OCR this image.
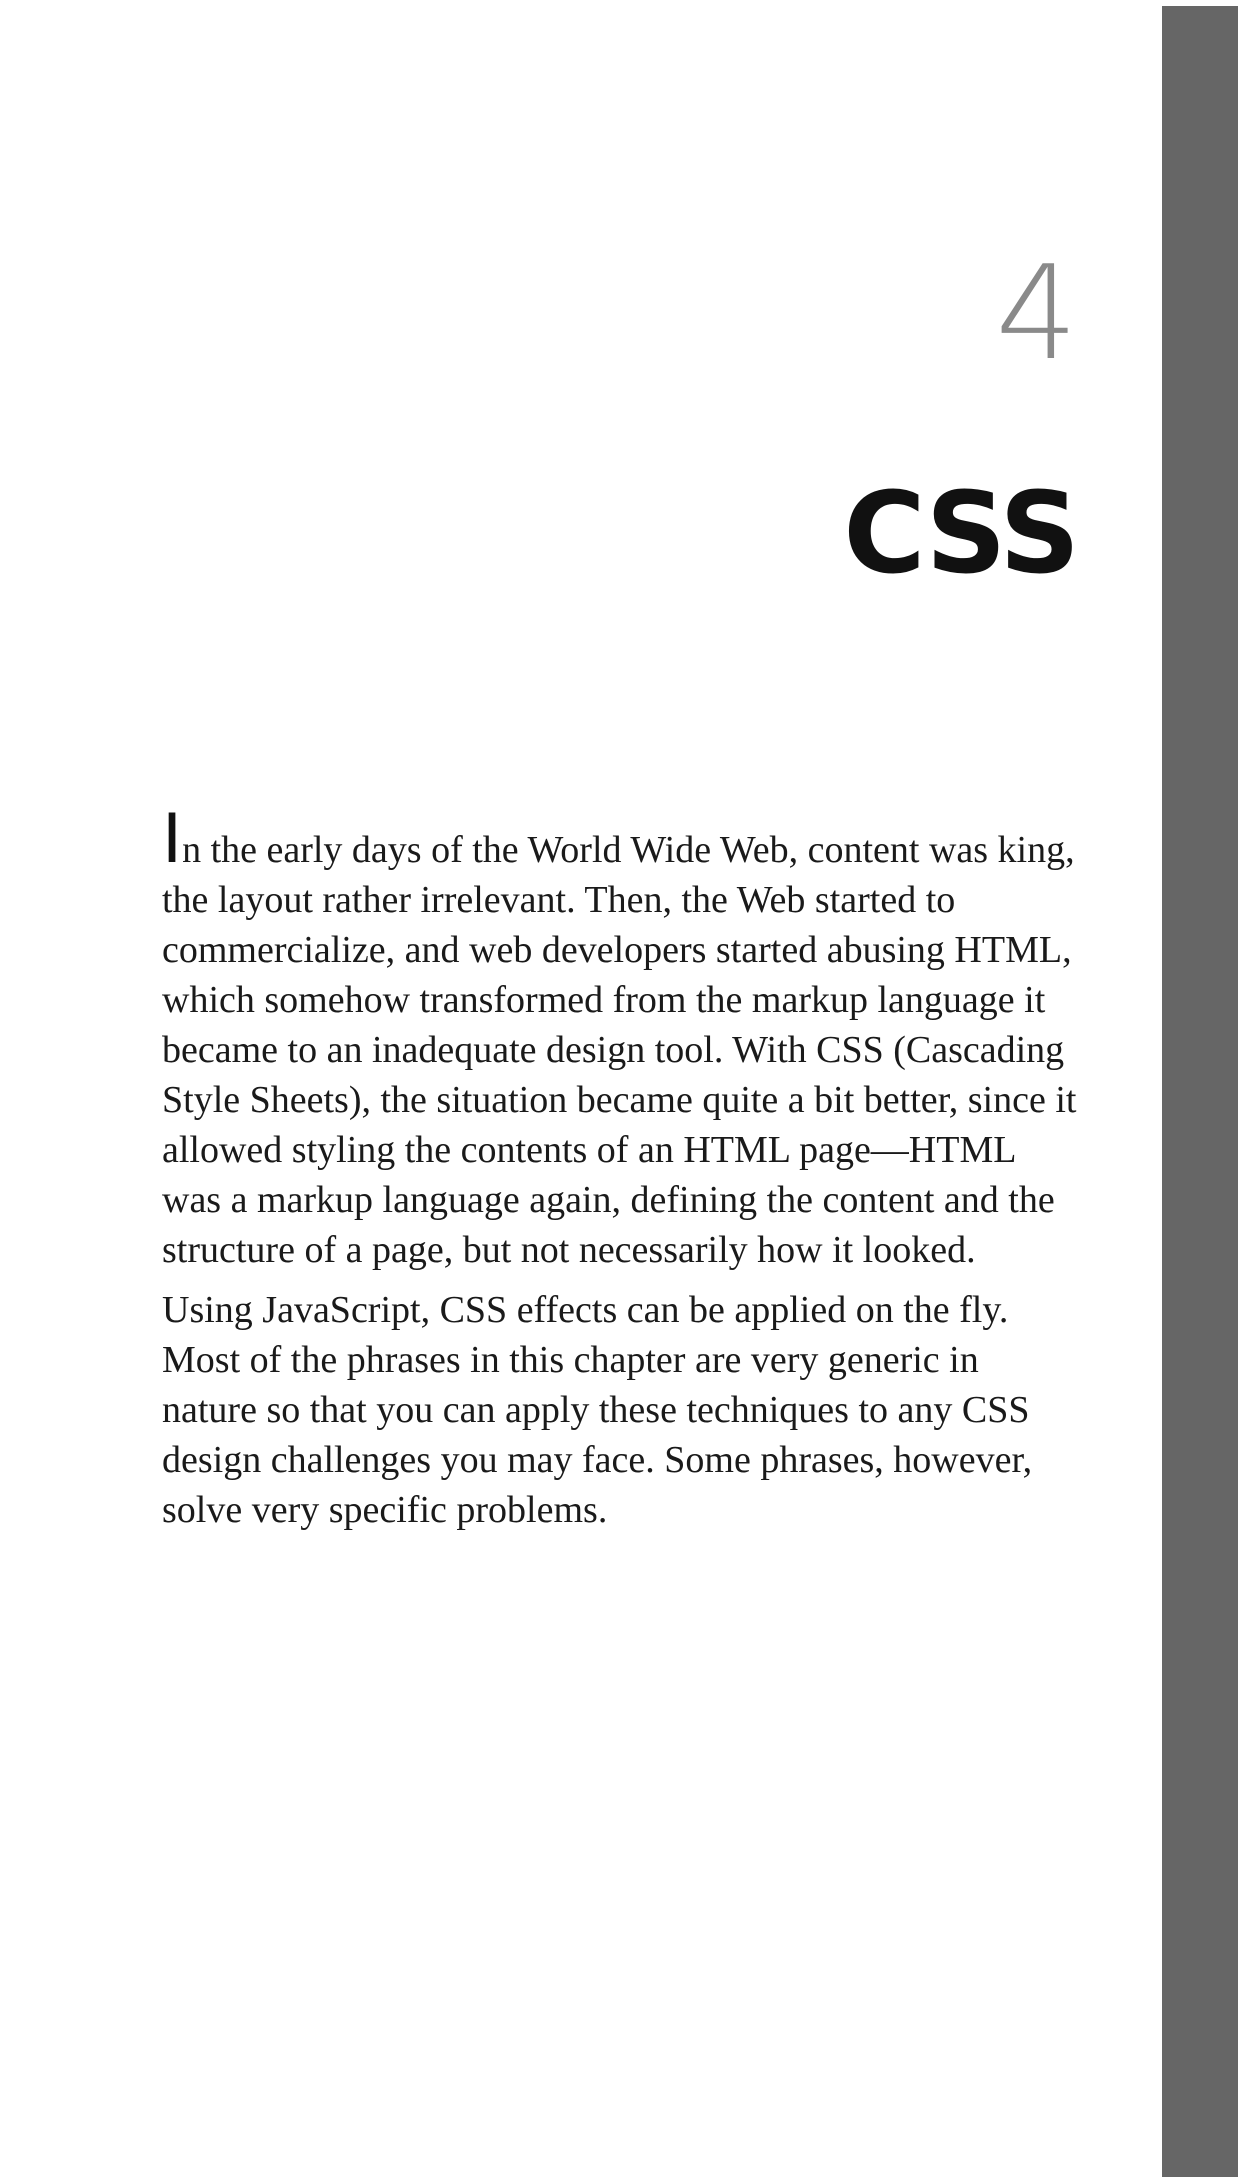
4
CSS

In the early days of the World Wide Web, content was king, the layout rather irrelevant. Then, the Web started to commercialize, and web developers started abusing HTML, which somehow transformed from the markup language it became to an inadequate design tool. With CSS (Cascading Style Sheets), the situation became quite a bit better, since it allowed styling the contents of an HTML page—HTML was a markup language again, defining the content and the structure of a page, but not necessarily how it looked.

Using JavaScript, CSS effects can be applied on the fly. Most of the phrases in this chapter are very generic in nature so that you can apply these techniques to any CSS design challenges you may face. Some phrases, however, solve very specific problems.
